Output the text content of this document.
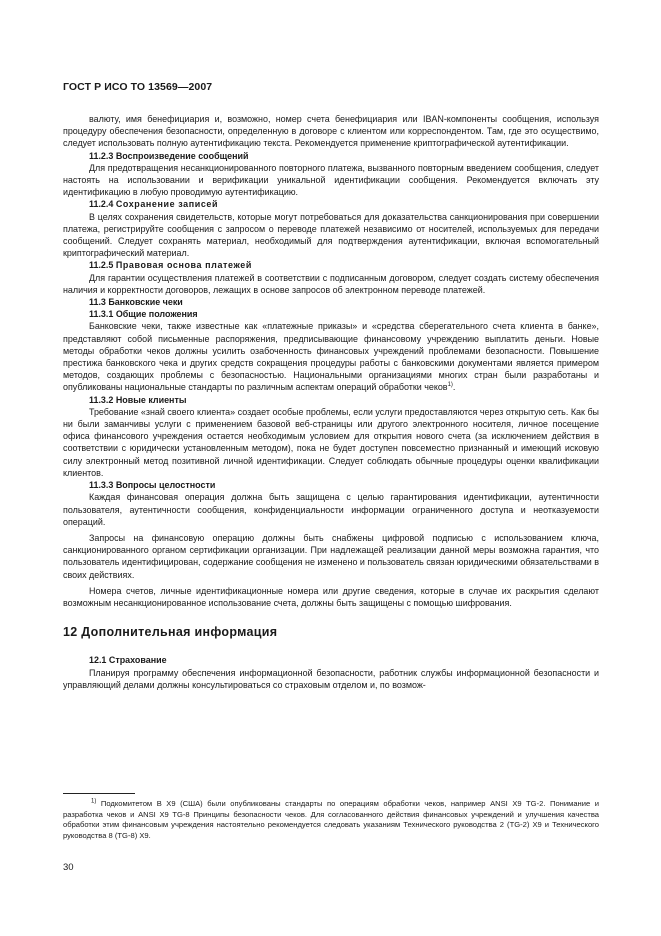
ГОСТ Р ИСО ТО 13569—2007

валюту, имя бенефициария и, возможно, номер счета бенефициария или IBAN-компоненты сообщения, используя процедуру обеспечения безопасности, определенную в договоре с клиентом или корреспондентом. Там, где это осуществимо, следует использовать полную аутентификацию текста. Рекомендуется применение криптографической аутентификации.

11.2.3 Воспроизведение сообщений

Для предотвращения несанкционированного повторного платежа, вызванного повторным введением сообщения, следует настоять на использовании и верификации уникальной идентификации сообщения. Рекомендуется включать эту идентификацию в любую проводимую аутентификацию.

11.2.4 Сохранение записей

В целях сохранения свидетельств, которые могут потребоваться для доказательства санкционирования при совершении платежа, регистрируйте сообщения с запросом о переводе платежей независимо от носителей, используемых для передачи сообщений. Следует сохранять материал, необходимый для подтверждения аутентификации, включая вспомогательный криптографический материал.

11.2.5 Правовая основа платежей

Для гарантии осуществления платежей в соответствии с подписанным договором, следует создать систему обеспечения наличия и корректности договоров, лежащих в основе запросов об электронном переводе платежей.

11.3 Банковские чеки

11.3.1 Общие положения

Банковские чеки, также известные как «платежные приказы» и «средства сберегательного счета клиента в банке», представляют собой письменные распоряжения, предписывающие финансовому учреждению выплатить деньги. Новые методы обработки чеков должны усилить озабоченность финансовых учреждений проблемами безопасности. Повышение престижа банковского чека и других средств сокращения процедуры работы с банковскими документами является примером методов, создающих проблемы с безопасностью. Национальными организациями многих стран были разработаны и опубликованы национальные стандарты по различным аспектам операций обработки чеков$^{1)}$.

11.3.2 Новые клиенты

Требование «знай своего клиента» создает особые проблемы, если услуги предоставляются через открытую сеть. Как бы ни были заманчивы услуги с применением базовой веб-страницы или другого электронного носителя, личное посещение офиса финансового учреждения остается необходимым условием для открытия нового счета (за исключением действия в соответствии с юридически установленным методом), пока не будет доступен повсеместно признанный и имеющий исковую силу электронный метод позитивной личной идентификации. Следует соблюдать обычные процедуры оценки квалификации клиентов.

11.3.3 Вопросы целостности

Каждая финансовая операция должна быть защищена с целью гарантирования идентификации, аутентичности пользователя, аутентичности сообщения, конфиденциальности информации ограниченного доступа и неотказуемости операций.

Запросы на финансовую операцию должны быть снабжены цифровой подписью с использованием ключа, санкционированного органом сертификации организации. При надлежащей реализации данной меры возможна гарантия, что пользователь идентифицирован, содержание сообщения не изменено и пользователь связан юридическими обязательствами в своих действиях.

Номера счетов, личные идентификационные номера или другие сведения, которые в случае их раскрытия сделают возможным несанкционированное использование счета, должны быть защищены с помощью шифрования.

12 Дополнительная информация

12.1 Страхование

Планируя программу обеспечения информационной безопасности, работник службы информационной безопасности и управляющий делами должны консультироваться со страховым отделом и, по возмож-

$^{1)}$ Подкомитетом В Х9 (США) были опубликованы стандарты по операциям обработки чеков, например ANSI X9 TG-2. Понимание и разработка чеков и ANSI X9 TG-8 Принципы безопасности чеков. Для согласованного действия финансовых учреждений и улучшения качества обработки этим финансовым учреждения настоятельно рекомендуется следовать указаниям Технического руководства 2 (TG-2) Х9 и Технического руководства 8 (TG-8) Х9.

30
